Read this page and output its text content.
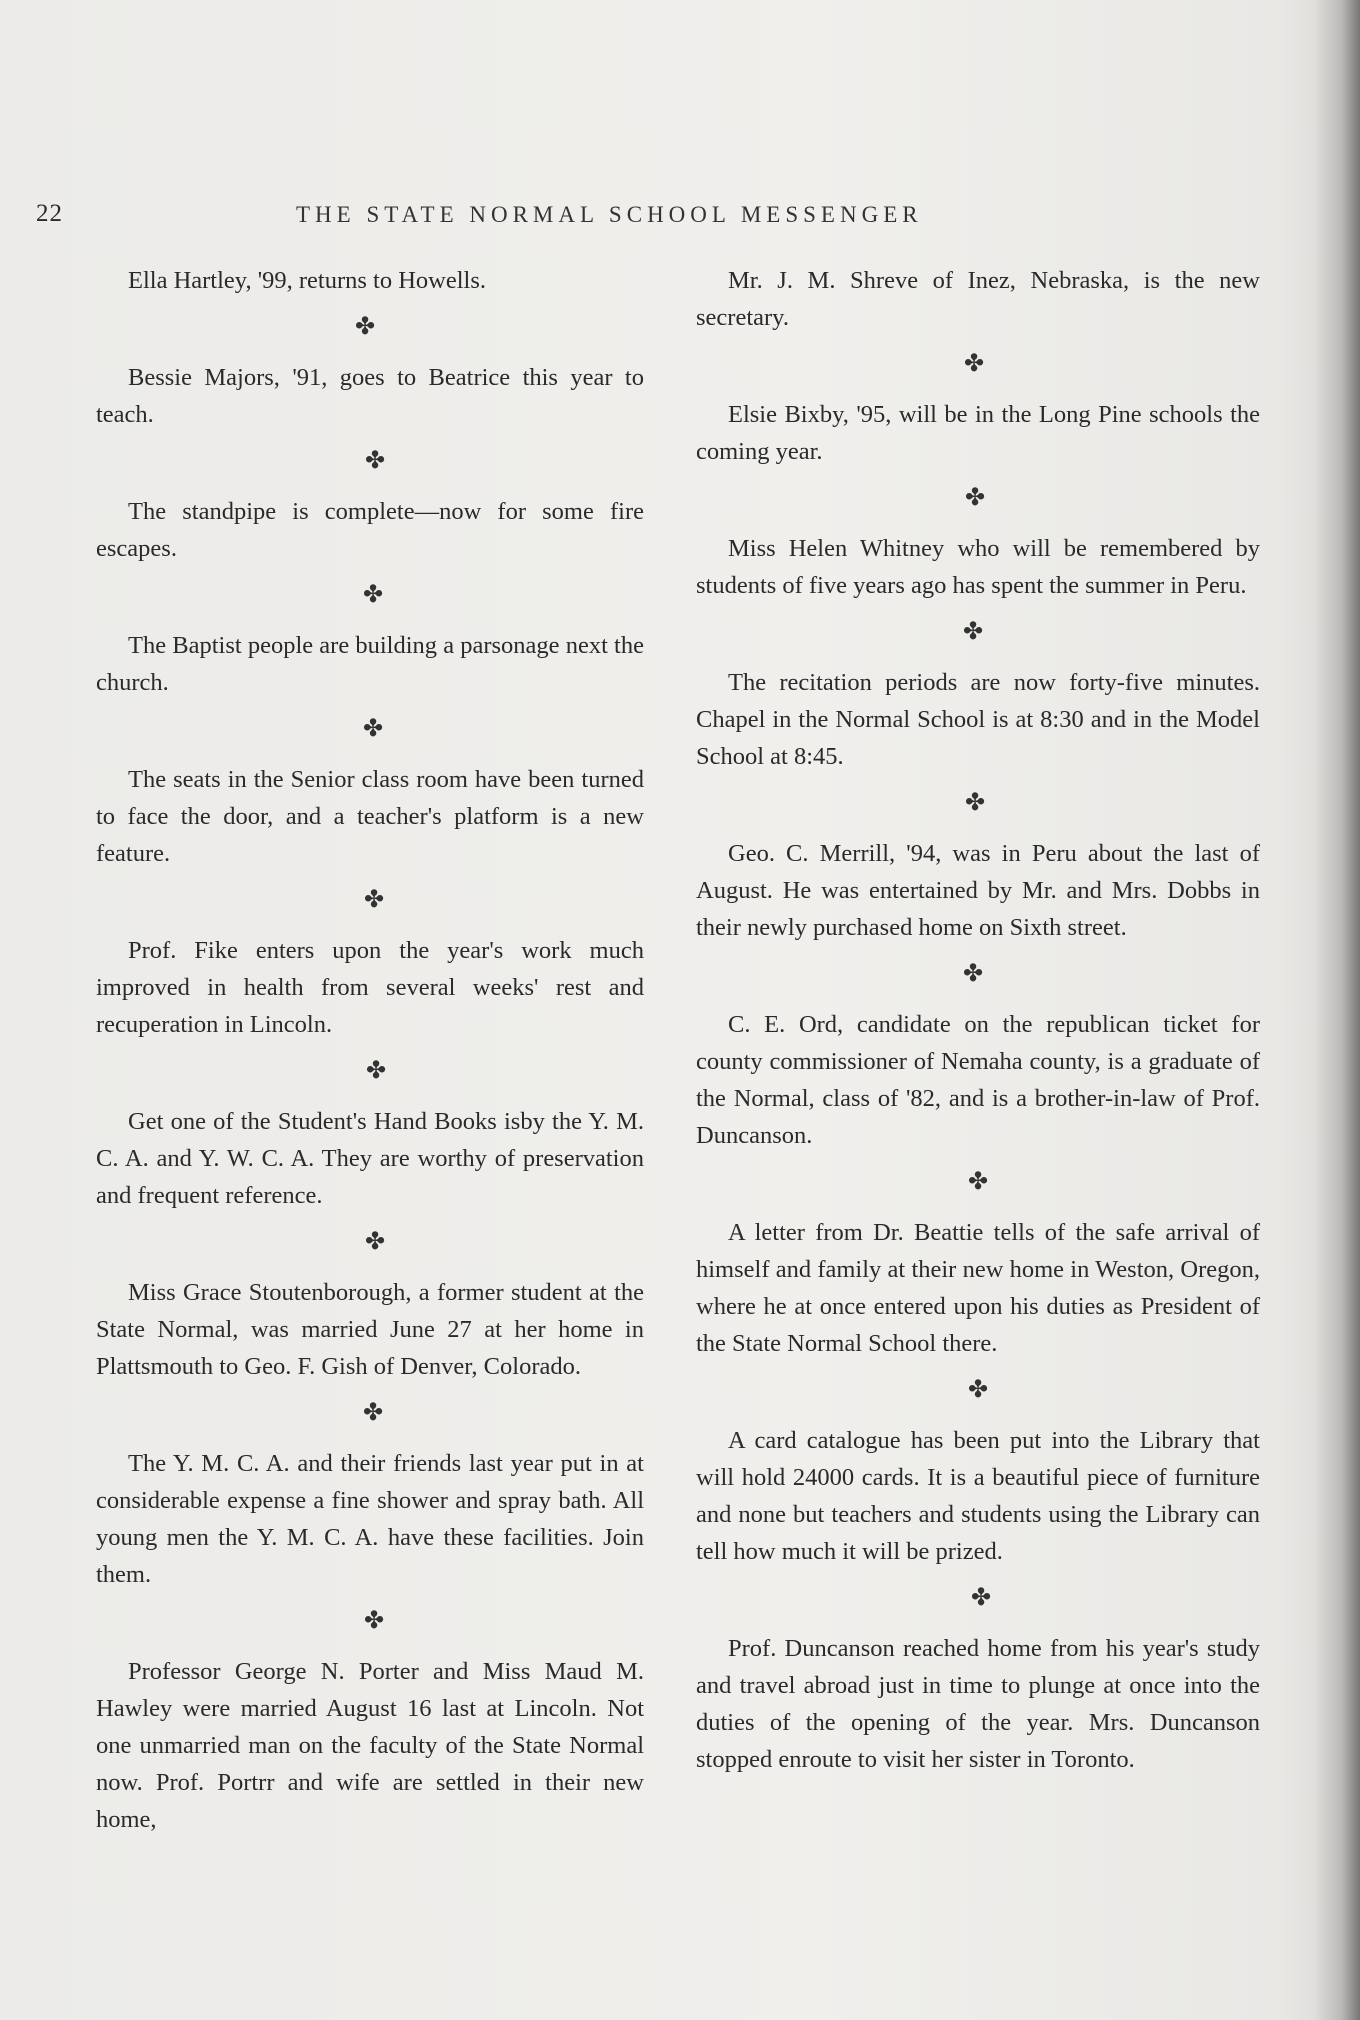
22	THE STATE NORMAL SCHOOL MESSENGER

Ella Hartley, '99, returns to Howells.

✤

Bessie Majors, '91, goes to Beatrice this year to teach.

✤

The standpipe is complete—now for some fire escapes.

✤

The Baptist people are building a parsonage next the church.

✤

The seats in the Senior class room have been turned to face the door, and a teacher's platform is a new feature.

✤

Prof. Fike enters upon the year's work much improved in health from several weeks' rest and recuperation in Lincoln.

✤

Get one of the Student's Hand Books isby the Y. M. C. A. and Y. W. C. A. They are worthy of preservation and frequent reference.

✤

Miss Grace Stoutenborough, a former student at the State Normal, was married June 27 at her home in Plattsmouth to Geo. F. Gish of Denver, Colorado.

✤

The Y. M. C. A. and their friends last year put in at considerable expense a fine shower and spray bath. All young men the Y. M. C. A. have these facilities. Join them.

✤

Professor George N. Porter and Miss Maud M. Hawley were married August 16 last at Lincoln. Not one unmarried man on the faculty of the State Normal now. Prof. Portrr and wife are settled in their new home,

Mr. J. M. Shreve of Inez, Nebraska, is the new secretary.

✤

Elsie Bixby, '95, will be in the Long Pine schools the coming year.

✤

Miss Helen Whitney who will be remembered by students of five years ago has spent the summer in Peru.

✤

The recitation periods are now forty-five minutes. Chapel in the Normal School is at 8:30 and in the Model School at 8:45.

✤

Geo. C. Merrill, '94, was in Peru about the last of August. He was entertained by Mr. and Mrs. Dobbs in their newly purchased home on Sixth street.

✤

C. E. Ord, candidate on the republican ticket for county commissioner of Nemaha county, is a graduate of the Normal, class of '82, and is a brother-in-law of Prof. Duncanson.

✤

A letter from Dr. Beattie tells of the safe arrival of himself and family at their new home in Weston, Oregon, where he at once entered upon his duties as President of the State Normal School there.

✤

A card catalogue has been put into the Library that will hold 24000 cards. It is a beautiful piece of furniture and none but teachers and students using the Library can tell how much it will be prized.

✤

Prof. Duncanson reached home from his year's study and travel abroad just in time to plunge at once into the duties of the opening of the year. Mrs. Duncanson stopped enroute to visit her sister in Toronto.
